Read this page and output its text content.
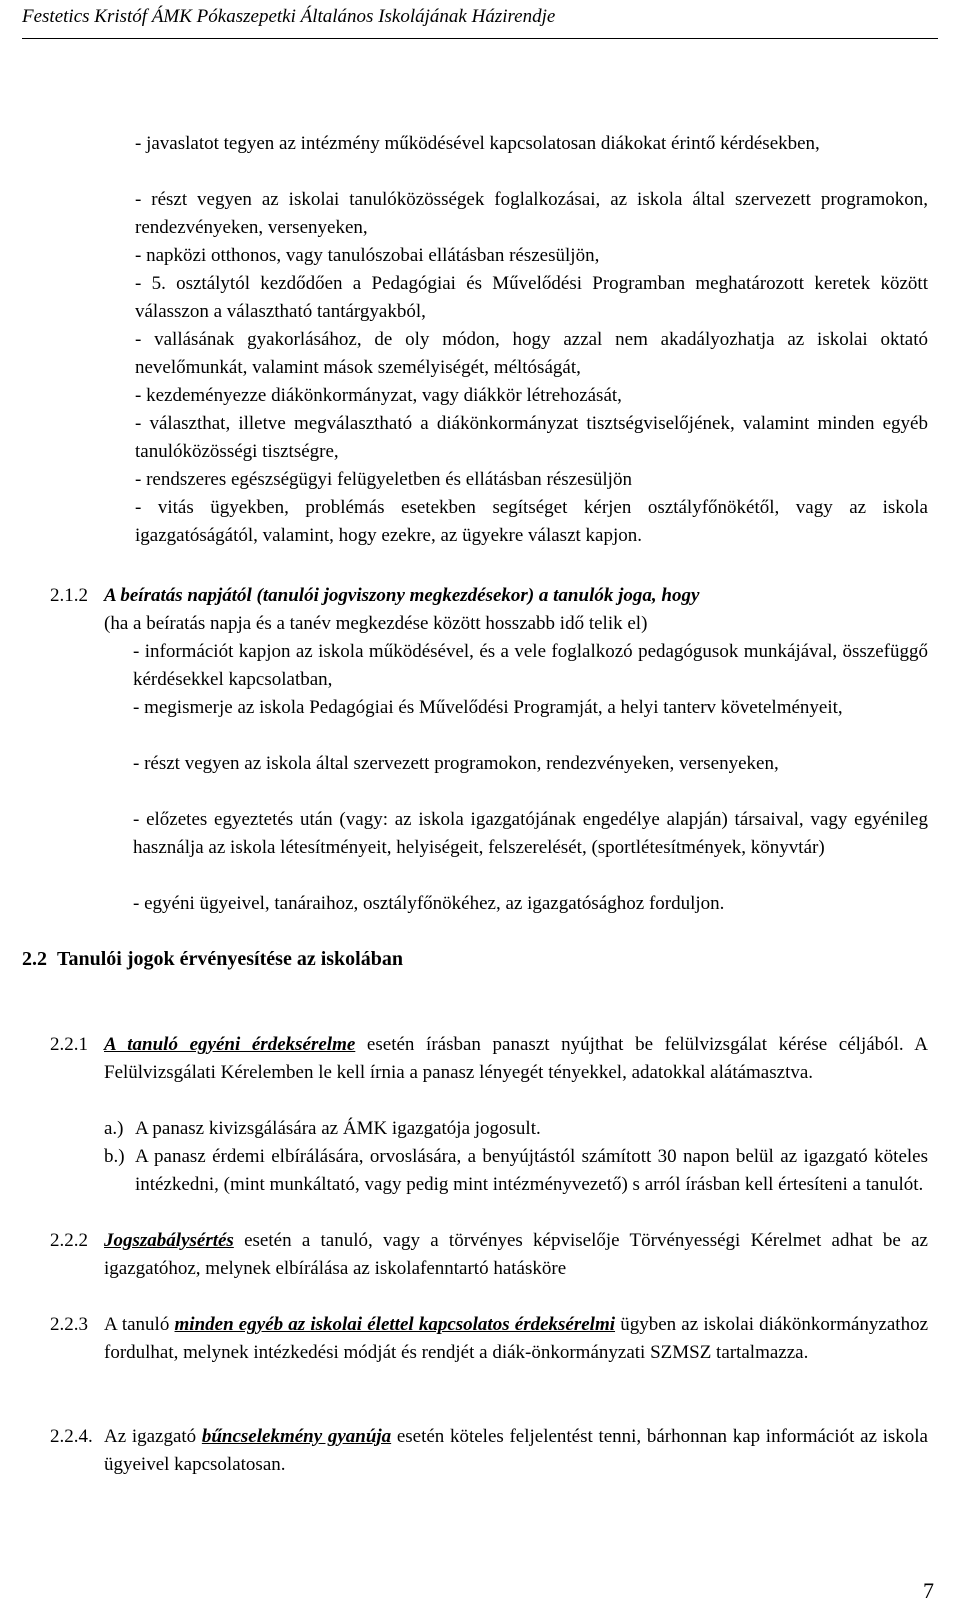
Festetics Kristóf ÁMK Pókaszepetki Általános Iskolájának Házirendje
- javaslatot tegyen az intézmény működésével kapcsolatosan diákokat érintő kérdésekben,
- részt vegyen az iskolai tanulóközösségek foglalkozásai, az iskola által szervezett programokon, rendezvényeken, versenyeken,
- napközi otthonos, vagy tanulószobai ellátásban részesüljön,
- 5. osztálytól kezdődően a Pedagógiai és Művelődési Programban meghatározott keretek között válasszon a választható tantárgyakból,
- vallásának gyakorlásához, de oly módon, hogy azzal nem akadályozhatja az iskolai oktató nevelőmunkát, valamint mások személyiségét, méltóságát,
- kezdeményezze diákönkormányzat, vagy diákkör létrehozását,
- választhat, illetve megválasztható a diákönkormányzat tisztségviselőjének, valamint minden egyéb tanulóközösségi tisztségre,
- rendszeres egészségügyi felügyeletben és ellátásban részesüljön
- vitás ügyekben, problémás esetekben segítséget kérjen osztályfőnökétől, vagy az iskola igazgatóságától, valamint, hogy ezekre, az ügyekre választ kapjon.
2.1.2 A beíratás napjától (tanulói jogviszony megkezdésekor) a tanulók joga, hogy
(ha a beíratás napja és a tanév megkezdése között hosszabb idő telik el)
- információt kapjon az iskola működésével, és a vele foglalkozó pedagógusok munkájával, összefüggő kérdésekkel kapcsolatban,
- megismerje az iskola Pedagógiai és Művelődési Programját, a helyi tanterv követelményeit,
- részt vegyen az iskola által szervezett programokon, rendezvényeken, versenyeken,
- előzetes egyeztetés után (vagy: az iskola igazgatójának engedélye alapján) társaival, vagy egyénileg használja az iskola létesítményeit, helyiségeit, felszerelését, (sportlétesítmények, könyvtár)
- egyéni ügyeivel, tanáraihoz, osztályfőnökéhez, az igazgatósághoz forduljon.
2.2 Tanulói jogok érvényesítése az iskolában
2.2.1 A tanuló egyéni érdeksérelme esetén írásban panaszt nyújthat be felülvizsgálat kérése céljából. A Felülvizsgálati Kérelemben le kell írnia a panasz lényegét tényekkel, adatokkal alátámasztva.
a.) A panasz kivizsgálására az ÁMK igazgatója jogosult.
b.) A panasz érdemi elbírálására, orvoslására, a benyújtástól számított 30 napon belül az igazgató köteles intézkedni, (mint munkáltató, vagy pedig mint intézményvezető) s arról írásban kell értesíteni a tanulót.
2.2.2 Jogszabálysértés esetén a tanuló, vagy a törvényes képviselője Törvényességi Kérelmet adhat be az igazgatóhoz, melynek elbírálása az iskolafenntartó hatásköre
2.2.3 A tanuló minden egyéb az iskolai élettel kapcsolatos érdeksérelmi ügyben az iskolai diákönkormányzathoz fordulhat, melynek intézkedési módját és rendjét a diák-önkormányzati SZMSZ tartalmazza.
2.2.4. Az igazgató bűncselekmény gyanúja esetén köteles feljelentést tenni, bárhonnan kap információt az iskola ügyeivel kapcsolatosan.
7
